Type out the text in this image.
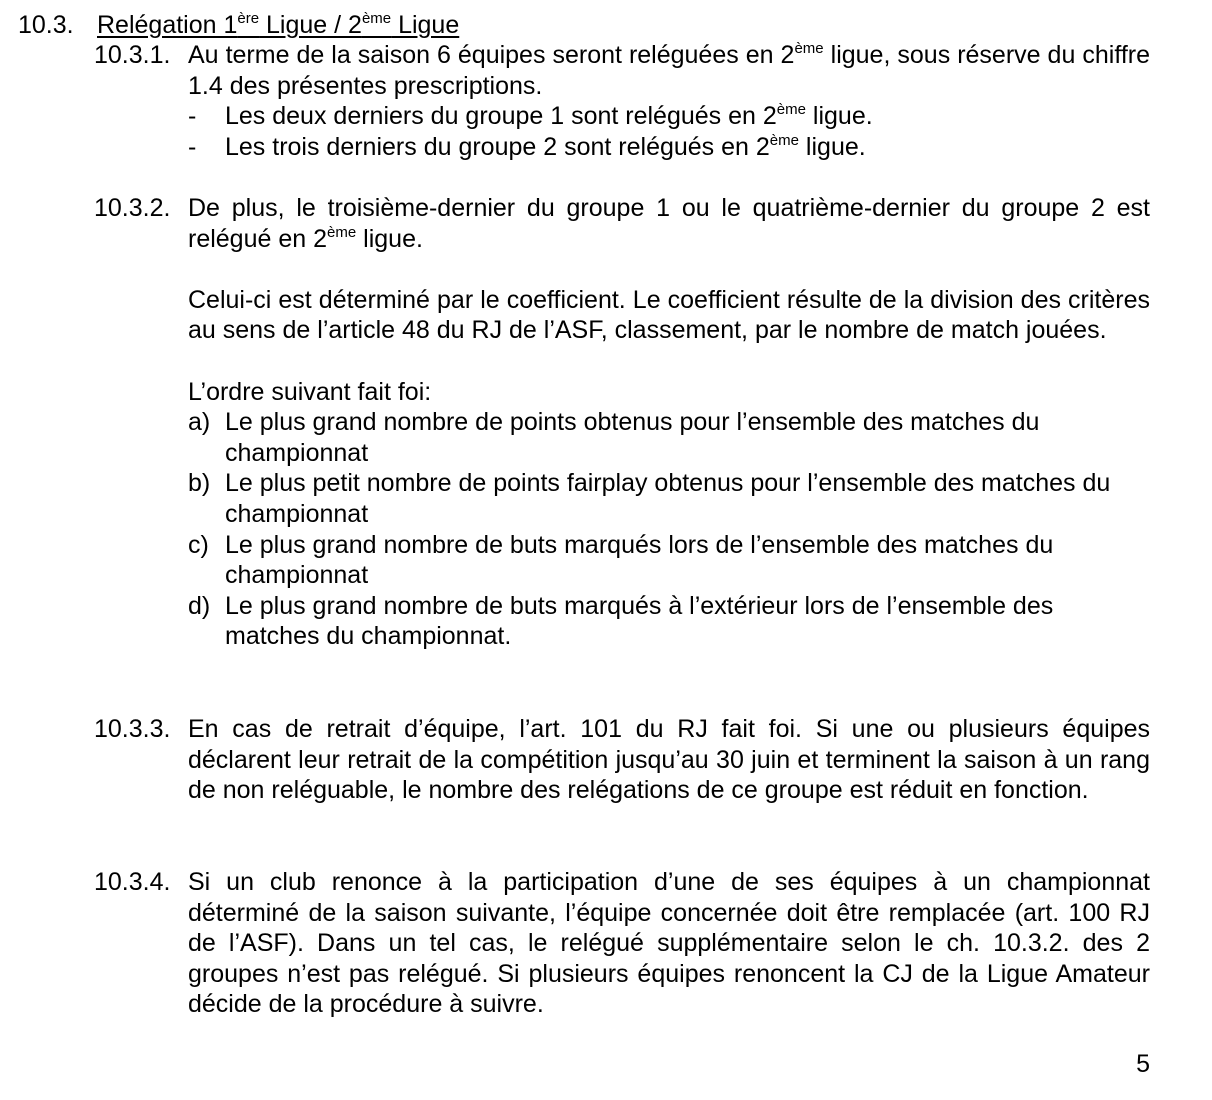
10.3. Relégation 1ère Ligue / 2ème Ligue
10.3.1. Au terme de la saison 6 équipes seront reléguées en 2ème ligue, sous réserve du chiffre 1.4 des présentes prescriptions.

- Les deux derniers du groupe 1 sont relégués en 2ème ligue.
- Les trois derniers du groupe 2 sont relégués en 2ème ligue.
10.3.2. De plus, le troisième-dernier du groupe 1 ou le quatrième-dernier du groupe 2 est relégué en 2ème ligue.

Celui-ci est déterminé par le coefficient. Le coefficient résulte de la division des critères au sens de l’article 48 du RJ de l’ASF, classement, par le nombre de match jouées.

L’ordre suivant fait foi:

a) Le plus grand nombre de points obtenus pour l’ensemble des matches du championnat
b) Le plus petit nombre de points fairplay obtenus pour l’ensemble des matches du championnat
c) Le plus grand nombre de buts marqués lors de l’ensemble des matches du championnat
d) Le plus grand nombre de buts marqués à l’extérieur lors de l’ensemble des matches du championnat.
10.3.3. En cas de retrait d’équipe, l’art. 101 du RJ fait foi. Si une ou plusieurs équipes déclarent leur retrait de la compétition jusqu’au 30 juin et terminent la saison à un rang de non reléguable, le nombre des relégations de ce groupe est réduit en fonction.

10.3.4. Si un club renonce à la participation d’une de ses équipes à un championnat déterminé de la saison suivante, l’équipe concernée doit être remplacée (art. 100 RJ de l’ASF). Dans un tel cas, le relégué supplémentaire selon le ch. 10.3.2. des 2 groupes n’est pas relégué. Si plusieurs équipes renoncent la CJ de la Ligue Amateur décide de la procédure à suivre.

5
